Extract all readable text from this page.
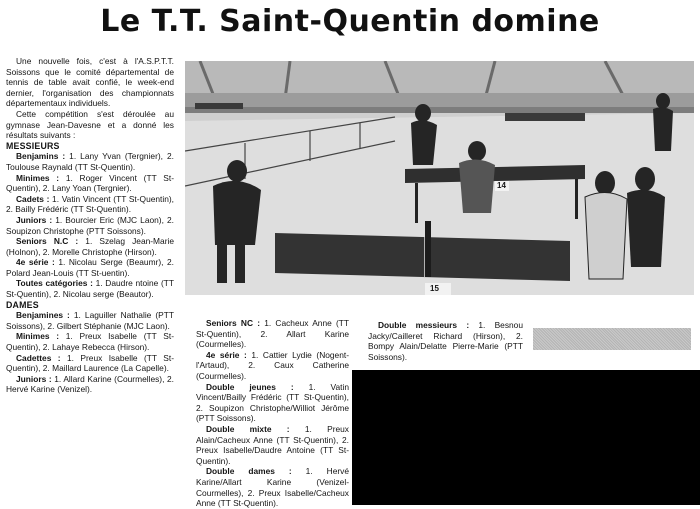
Le T.T. Saint-Quentin domine

Une nouvelle fois, c'est à l'A.S.P.T.T. Soissons que le comité départemental de tennis de table avait confié, le week-end dernier, l'organisation des championnats départementaux individuels.

Cette compétition s'est déroulée au gymnase Jean-Davesne et a donné les résultats suivants :

MESSIEURS

Benjamins : 1. Lany Yvan (Tergnier), 2. Toulouse Raynald (TT St-Quentin).

Minimes : 1. Roger Vincent (TT St-Quentin), 2. Lany Yoan (Tergnier).

Cadets : 1. Vatin Vincent (TT St-Quentin), 2. Bailly Frédéric (TT St-Quentin).

Juniors : 1. Bourcier Eric (MJC Laon), 2. Soupizon Christophe (PTT Soissons).

Seniors N.C : 1. Szelag Jean-Marie (Holnon), 2. Morelle Christophe (Hirson).

4e série : 1. Nicolau Serge (Beaumr), 2. Polard Jean-Louis (TT St-uentin).

Toutes catégories : 1. Daudre ntoine (TT St-Quentin), 2. Nicolau serge (Beautor).

DAMES

Benjamines : 1. Laguiller Nathalie (PTT Soissons), 2. Gilbert Stéphanie (MJC Laon).

Minimes : 1. Preux Isabelle (TT St-Quentin), 2. Lahaye Rebecca (Hirson).

Cadettes : 1. Preux Isabelle (TT St-Quentin), 2. Maillard Laurence (La Capelle).

Juniors : 1. Allard Karine (Courmelles), 2. Hervé Karine (Venizel).

14
15

Seniors NC : 1. Cacheux Anne (TT St-Quentin), 2. Allart Karine (Courmelles).

4e série : 1. Cattier Lydie (Nogent-l'Artaud), 2. Caux Catherine (Courmelles).

Double jeunes : 1. Vatin Vincent/Bailly Frédéric (TT St-Quentin), 2. Soupizon Christophe/Williot Jérôme (PTT Soissons).

Double mixte : 1. Preux Alain/Cacheux Anne (TT St-Quentin), 2. Preux Isabelle/Daudre Antoine (TT St-Quentin).

Double dames : 1. Hervé Karine/Allart Karine (Venizel-Courmelles), 2. Preux Isabelle/Cacheux Anne (TT St-Quentin).

Double messieurs : 1. Besnou Jacky/Cailleret Richard (Hirson), 2. Bompy Alain/Delatte Pierre-Marie (PTT Soissons).
